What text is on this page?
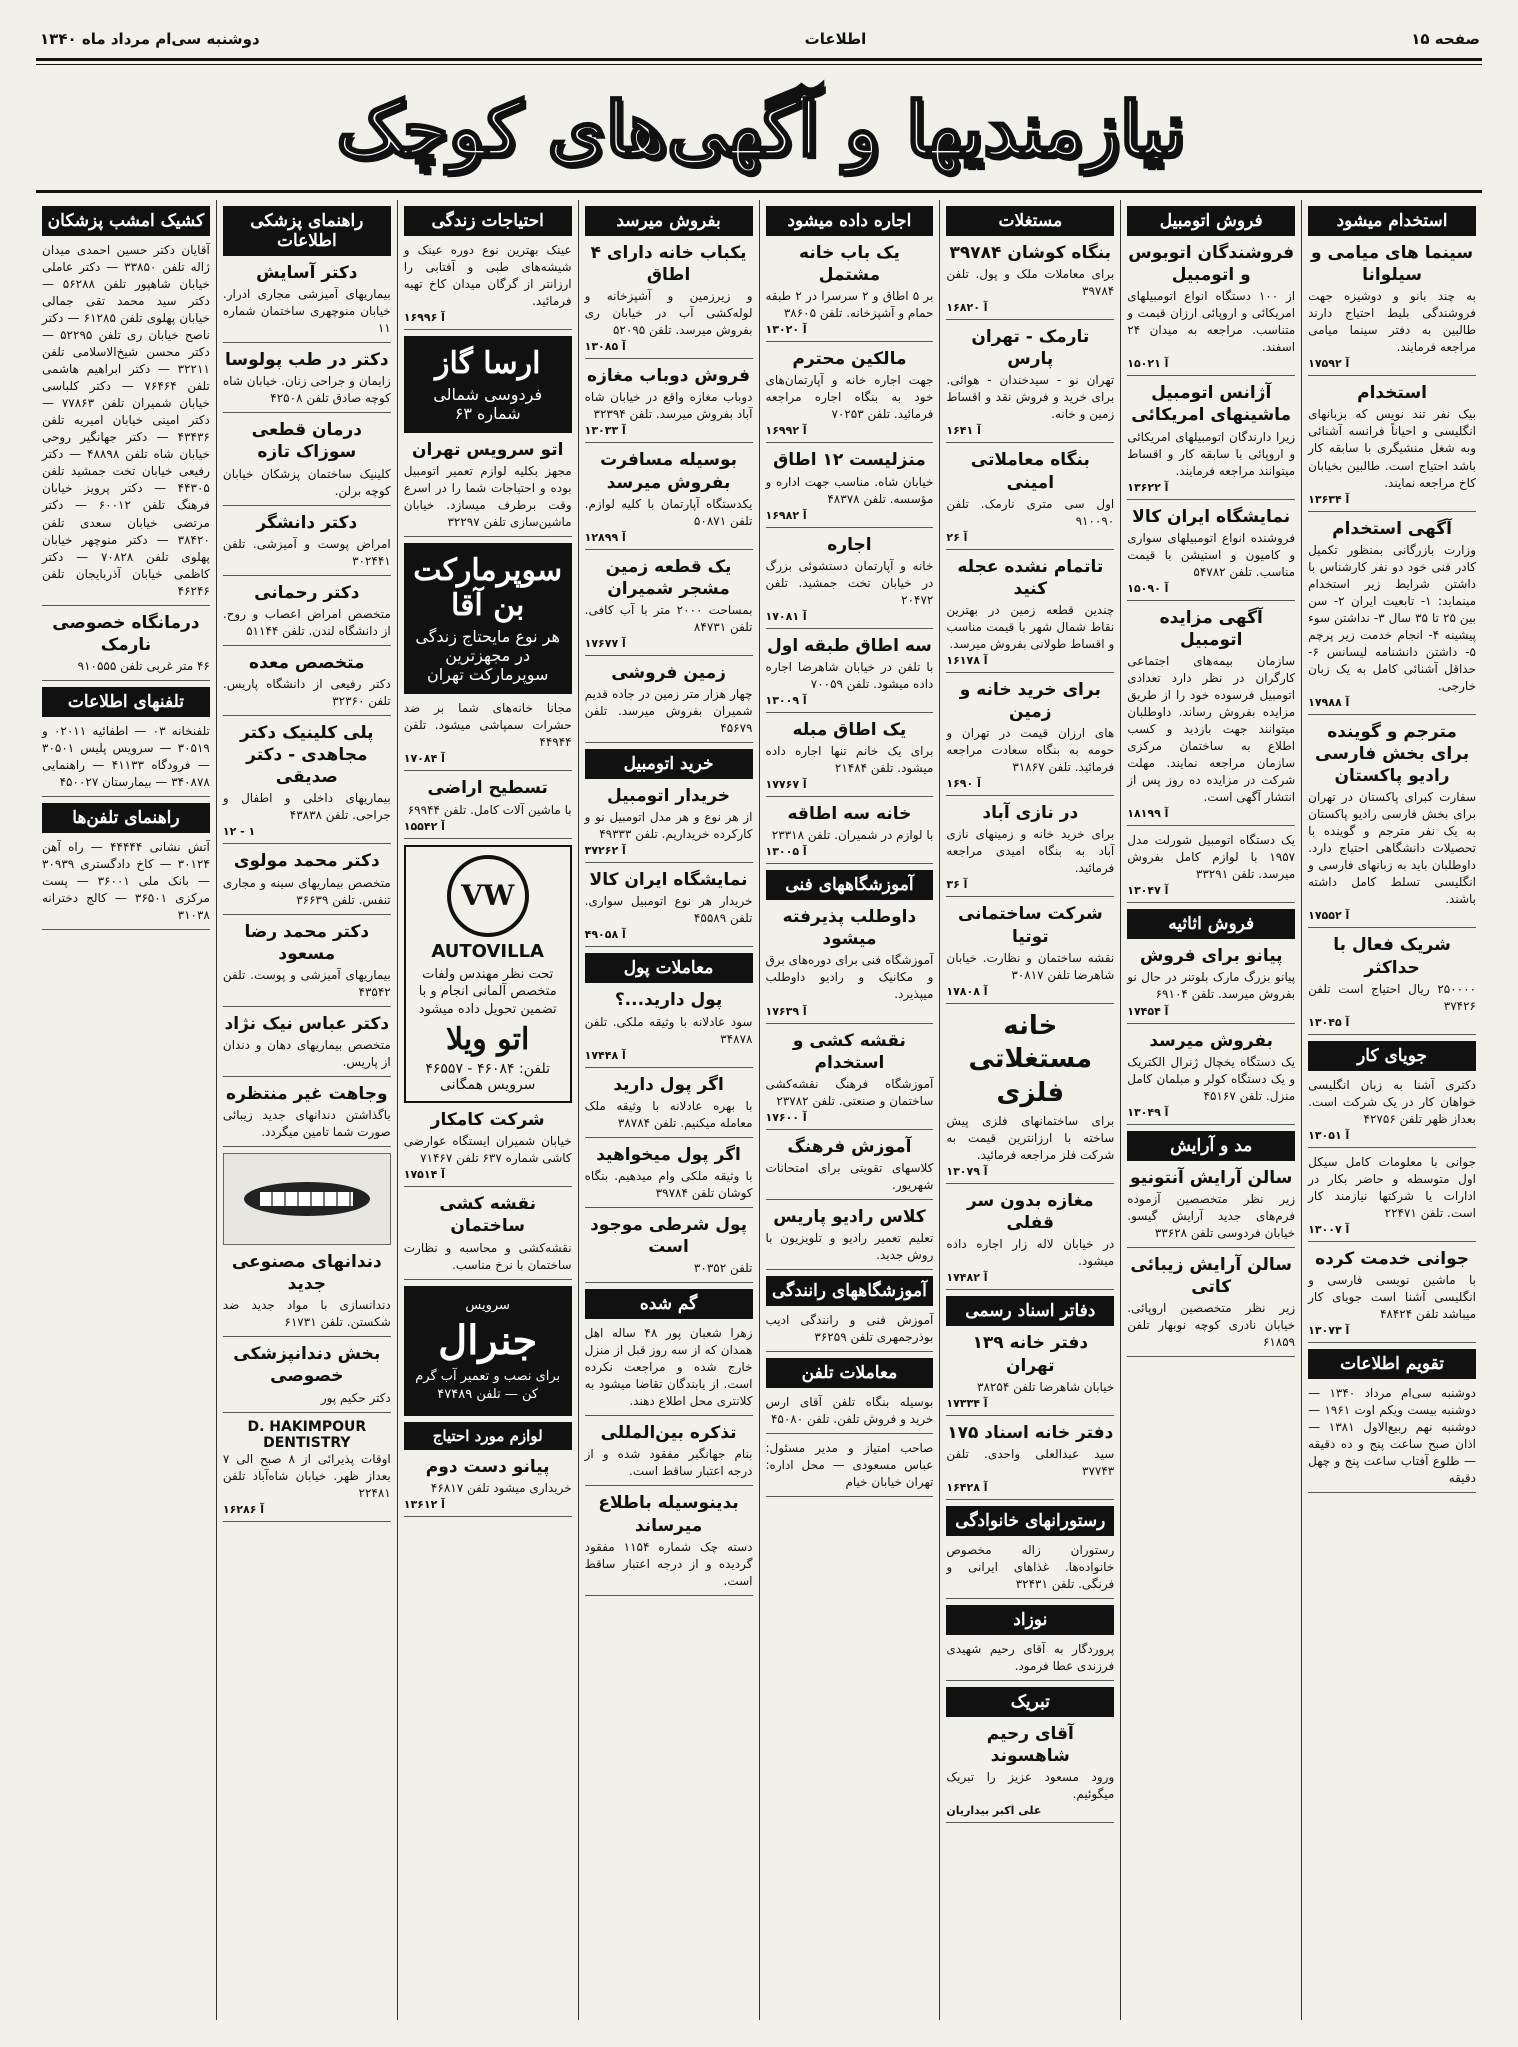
صفحه ۱۵
اطلاعات
دوشنبه سی‌ام مرداد ماه ۱۳۴۰
نیازمندیها و آگهی‌های کوچک
استخدام میشود
سینما های میامی و سیلوانا
به چند بانو و دوشیزه جهت فروشندگی بلیط احتیاج دارند طالبین به دفتر سینما میامی مراجعه فرمایند.
۱۷۵۹۲ آ
استخدام
بیک نفر تند نویس که بزبانهای انگلیسی و احیاناً فرانسه آشنائی وبه شغل منشیگری با سابقه کار باشد احتیاج است. طالبین بخیابان کاخ مراجعه نمایند.
۱۳۶۳۴ آ
آگهی استخدام
وزارت بازرگانی بمنظور تکمیل کادر فنی خود دو نفر کارشناس با داشتن شرایط زیر استخدام مینماید: ۱- تابعیت ایران ۲- سن بین ۲۵ تا ۳۵ سال ۳- نداشتن سوء پیشینه ۴- انجام خدمت زیر پرچم ۵- داشتن دانشنامه لیسانس ۶- حداقل آشنائی کامل به یک زبان خارجی.
۱۷۹۸۸ آ
مترجم و گوینده برای بخش فارسی رادیو پاکستان
سفارت کبرای پاکستان در تهران برای بخش فارسی رادیو پاکستان به یک نفر مترجم و گوینده با تحصیلات دانشگاهی احتیاج دارد. داوطلبان باید به زبانهای فارسی و انگلیسی تسلط کامل داشته باشند.
۱۷۵۵۲ آ
شریک فعال با حداکثر
۲۵۰۰۰۰ ریال احتیاج است تلفن ۳۷۴۲۶
۱۳۰۴۵ آ
جویای کار
دکتری آشنا به زبان انگلیسی خواهان کار در یک شرکت است. بعداز ظهر تلفن ۴۲۷۵۶
۱۳۰۵۱ آ
جوانی با معلومات کامل سیکل اول متوسطه و حاضر بکار در ادارات یا شرکتها نیازمند کار است. تلفن ۲۲۴۷۱
۱۳۰۰۷ آ
جوانی خدمت کرده
با ماشین نویسی فارسی و انگلیسی آشنا است جویای کار میباشد تلفن ۴۸۴۲۴
۱۳۰۷۳ آ
تقویم اطلاعات
دوشنبه سی‌ام مرداد ۱۳۴۰ — دوشنبه بیست ویکم اوت ۱۹۶۱ — دوشنبه نهم ربیع‌الاول ۱۳۸۱ — اذان صبح ساعت پنج و ده دقیقه — طلوع آفتاب ساعت پنج و چهل دقیقه
فروش اتومبیل
فروشندگان اتوبوس و اتومبیل
از ۱۰۰ دستگاه انواع اتومبیلهای امریکائی و اروپائی ارزان قیمت و متناسب. مراجعه به میدان ۲۴ اسفند.
۱۵۰۲۱ آ
آژانس اتومبیل ماشینهای امریکائی
زیرا دارندگان اتومبیلهای امریکائی و اروپائی با سابقه کار و اقساط میتوانند مراجعه فرمایند.
۱۳۶۲۲ آ
نمایشگاه ایران کالا
فروشنده انواع اتومبیلهای سواری و کامیون و استیشن با قیمت مناسب. تلفن ۵۴۷۸۲
۱۵۰۹۰ آ
آگهی مزایده اتومبیل
سازمان بیمه‌های اجتماعی کارگران در نظر دارد تعدادی اتومبیل فرسوده خود را از طریق مزایده بفروش رساند. داوطلبان میتوانند جهت بازدید و کسب اطلاع به ساختمان مرکزی سازمان مراجعه نمایند. مهلت شرکت در مزایده ده روز پس از انتشار آگهی است.
۱۸۱۹۹ آ
یک دستگاه اتومبیل شورلت مدل ۱۹۵۷ با لوازم کامل بفروش میرسد. تلفن ۳۳۲۹۱
۱۳۰۴۷ آ
فروش اثاثیه
پیانو برای فروش
پیانو بزرگ مارک بلوتنر در حال نو بفروش میرسد. تلفن ۶۹۱۰۴
۱۷۴۵۴ آ
بفروش میرسد
یک دستگاه یخچال ژنرال الکتریک و یک دستگاه کولر و مبلمان کامل منزل. تلفن ۴۵۱۶۷
۱۳۰۴۹ آ
مد و آرایش
سالن آرایش آنتونیو
زیر نظر متخصصین آزموده فرم‌های جدید آرایش گیسو. خیابان فردوسی تلفن ۳۳۶۲۸
سالن آرایش زیبائی کاتی
زیر نظر متخصصین اروپائی. خیابان نادری کوچه نوبهار تلفن ۶۱۸۵۹
مستغلات
بنگاه کوشان ۳۹۷۸۴
برای معاملات ملک و پول. تلفن ۳۹۷۸۴
۱۶۸۲۰ آ
تارمک - تهران پارس
تهران نو - سیدخندان - هوائی. برای خرید و فروش نقد و اقساط زمین و خانه.
۱۶۴۱ آ
بنگاه معاملاتی امینی
اول سی متری نارمک. تلفن ۹۱۰۰۹۰
۲۶ آ
تاتمام نشده عجله کنید
چندین قطعه زمین در بهترین نقاط شمال شهر با قیمت مناسب و اقساط طولانی بفروش میرسد.
۱۶۱۷۸ آ
برای خرید خانه و زمین
های ارزان قیمت در تهران و حومه به بنگاه سعادت مراجعه فرمائید. تلفن ۳۱۸۶۷
۱۶۹۰ آ
در نازی آباد
برای خرید خانه و زمینهای نازی آباد به بنگاه امیدی مراجعه فرمائید.
۳۶ آ
شرکت ساختمانی توتیا
نقشه ساختمان و نظارت. خیابان شاهرضا تلفن ۳۰۸۱۷
۱۷۸۰۸ آ
خانه مستغلاتی فلزی
برای ساختمانهای فلزی پیش ساخته با ارزانترین قیمت به شرکت فلز مراجعه فرمائید.
۱۳۰۷۹ آ
مغازه بدون سر قفلی
در خیابان لاله زار اجاره داده میشود.
۱۷۴۸۲ آ
دفاتر اسناد رسمی
دفتر خانه ۱۳۹ تهران
خیابان شاهرضا تلفن ۳۸۲۵۴
۱۷۳۳۴ آ
دفتر خانه اسناد ۱۷۵
سید عبدالعلی واحدی. تلفن ۳۷۷۴۳
۱۶۴۲۸ آ
رستورانهای خانوادگی
رستوران زاله مخصوص خانواده‌ها. غذاهای ایرانی و فرنگی. تلفن ۳۲۴۳۱
نوزاد
پروردگار به آقای رحیم شهیدی فرزندی عطا فرمود.
تبریک
آقای رحیم شاهسوند
ورود مسعود عزیز را تبریک میگوئیم.
علی اکبر بیداریان
اجاره داده میشود
یک باب خانه مشتمل
بر ۵ اطاق و ۲ سرسرا در ۲ طبقه حمام و آشپزخانه. تلفن ۳۸۶۰۵
۱۳۰۲۰ آ
مالکین محترم
جهت اجاره خانه و آپارتمان‌های خود به بنگاه اجاره مراجعه فرمائید. تلفن ۷۰۲۵۳
۱۶۹۹۲ آ
منزلیست ۱۲ اطاق
خیابان شاه. مناسب جهت اداره و مؤسسه. تلفن ۴۸۳۷۸
۱۶۹۸۲ آ
اجاره
خانه و آپارتمان دستشوئی بزرگ در خیابان تخت جمشید. تلفن ۲۰۴۷۲
۱۷۰۸۱ آ
سه اطاق طبقه اول
با تلفن در خیابان شاهرضا اجاره داده میشود. تلفن ۷۰۰۵۹
۱۳۰۰۹ آ
یک اطاق مبله
برای یک خانم تنها اجاره داده میشود. تلفن ۲۱۴۸۴
۱۷۷۶۷ آ
خانه سه اطاقه
با لوازم در شمیران. تلفن ۲۳۳۱۸
۱۳۰۰۵ آ
آموزشگاههای فنی
داوطلب پذیرفته میشود
آموزشگاه فنی برای دوره‌های برق و مکانیک و رادیو داوطلب میپذیرد.
۱۷۶۳۹ آ
نقشه کشی و استخدام
آموزشگاه فرهنگ نقشه‌کشی ساختمان و صنعتی. تلفن ۲۳۷۸۲
۱۷۶۰۰ آ
آموزش فرهنگ
کلاسهای تقویتی برای امتحانات شهریور.
کلاس رادیو پاریس
تعلیم تعمیر رادیو و تلویزیون با روش جدید.
آموزشگاههای رانندگی
آموزش فنی و رانندگی ادیب بوذرجمهری تلفن ۳۶۲۵۹
معاملات تلفن
بوسیله بنگاه تلفن آقای ارس خرید و فروش تلفن. تلفن ۴۵۰۸۰
صاحب امتیاز و مدیر مسئول: عباس مسعودی — محل اداره: تهران خیابان خیام
بفروش میرسد
یکباب خانه دارای ۴ اطاق
و زیرزمین و آشپزخانه و لوله‌کشی آب در خیابان ری بفروش میرسد. تلفن ۵۲۰۹۵
۱۳۰۸۵ آ
فروش دوباب مغازه
دوباب مغازه واقع در خیابان شاه آباد بفروش میرسد. تلفن ۳۲۳۹۴
۱۳۰۳۳ آ
بوسیله مسافرت بفروش میرسد
یکدستگاه آپارتمان با کلیه لوازم. تلفن ۵۰۸۷۱
۱۲۸۹۹ آ
یک قطعه زمین مشجر شمیران
بمساحت ۲۰۰۰ متر با آب کافی. تلفن ۸۴۷۳۱
۱۷۶۷۷ آ
زمین فروشی
چهار هزار متر زمین در جاده قدیم شمیران بفروش میرسد. تلفن ۴۵۶۷۹
خرید اتومبیل
خریدار اتومبیل
از هر نوع و هر مدل اتومبیل نو و کارکرده خریداریم. تلفن ۴۹۳۳۳
۳۷۲۶۲ آ
نمایشگاه ایران کالا
خریدار هر نوع اتومبیل سواری. تلفن ۴۵۵۸۹
۴۹۰۵۸ آ
معاملات پول
پول دارید...؟
سود عادلانه با وثیقه ملکی. تلفن ۳۴۸۷۸
۱۷۴۴۸ آ
اگر پول دارید
با بهره عادلانه با وثیقه ملک معامله میکنیم. تلفن ۳۸۷۸۴
اگر پول میخواهید
با وثیقه ملکی وام میدهیم. بنگاه کوشان تلفن ۳۹۷۸۴
پول شرطی موجود است
تلفن ۳۰۳۵۲
گم شده
زهرا شعبان پور ۴۸ ساله اهل همدان که از سه روز قبل از منزل خارج شده و مراجعت نکرده است. از یابندگان تقاضا میشود به کلانتری محل اطلاع دهند.
تذکره بین‌المللی
بنام جهانگیر مفقود شده و از درجه اعتبار ساقط است.
بدینوسیله باطلاع میرساند
دسته چک شماره ۱۱۵۴ مفقود گردیده و از درجه اعتبار ساقط است.
احتیاجات زندگی
عینک بهترین نوع دوره عینک و شیشه‌های طبی و آفتابی را ارزانتر از گرگان میدان کاخ تهیه فرمائید.
۱۶۹۹۶ آ
ارسا گاز
فردوسی شمالی شماره ۶۳
اتو سرویس تهران
مجهز بکلیه لوازم تعمیر اتومبیل بوده و احتیاجات شما را در اسرع وقت برطرف میسازد. خیابان ماشین‌سازی تلفن ۳۲۲۹۷
سوپرمارکت بن آقا
هر نوع مایحتاج زندگی در مجهزترین سوپرمارکت تهران
مجانا خانه‌های شما بر ضد حشرات سمپاشی میشود. تلفن ۴۴۹۴۴
۱۷۰۸۴ آ
تسطیح اراضی
با ماشین آلات کامل. تلفن ۶۹۹۴۴
۱۵۵۴۲ آ
VW
AUTOVILLA
تحت نظر مهندس ولفات متخصص آلمانی انجام و با تضمین تحویل داده میشود
اتو ویلا
تلفن: ۴۶۰۸۴ - ۴۶۵۵۷ سرویس همگانی
شرکت کامکار
خیابان شمیران ایستگاه عوارضی کاشی شماره ۶۳۷ تلفن ۷۱۴۶۷
۱۷۵۱۴ آ
نقشه کشی ساختمان
نقشه‌کشی و محاسبه و نظارت ساختمان با نرخ مناسب.
سرویس
جنرال
برای نصب و تعمیر آب گرم کن — تلفن ۴۷۴۸۹
لوازم مورد احتیاج
پیانو دست دوم
خریداری میشود تلفن ۴۶۸۱۷
۱۳۶۱۲ آ
راهنمای پزشکی اطلاعات
دکتر آسایش
بیماریهای آمیزشی مجاری ادرار. خیابان منوچهری ساختمان شماره ۱۱
دکتر در طب پولوسا
زایمان و جراحی زنان. خیابان شاه کوچه صادق تلفن ۴۲۵۰۸
درمان قطعی سوزاک تازه
کلینیک ساختمان پزشکان خیابان کوچه برلن.
دکتر دانشگر
امراض پوست و آمیزشی. تلفن ۳۰۲۴۴۱
دکتر رحمانی
متخصص امراض اعصاب و روح. از دانشگاه لندن. تلفن ۵۱۱۴۴
متخصص معده
دکتر رفیعی از دانشگاه پاریس. تلفن ۳۲۳۶۰
پلی کلینیک دکتر مجاهدی - دکتر صدیقی
بیماریهای داخلی و اطفال و جراحی. تلفن ۴۳۸۳۸
۱۲ - ۱
دکتر محمد مولوی
متخصص بیماریهای سینه و مجاری تنفس. تلفن ۳۶۶۳۹
دکتر محمد رضا مسعود
بیماریهای آمیزشی و پوست. تلفن ۴۳۵۴۲
دکتر عباس نیک نژاد
متخصص بیماریهای دهان و دندان از پاریس.
وجاهت غیر منتظره
باگذاشتن دندانهای جدید زیبائی صورت شما تامین میگردد.
دندانهای مصنوعی جدید
دندانسازی با مواد جدید ضد شکستن. تلفن ۶۱۷۳۱
بخش دندانپزشکی خصوصی
دکتر حکیم پور
D. HAKIMPOUR DENTISTRY
اوقات پذیرائی از ۸ صبح الی ۷ بعداز ظهر. خیابان شاه‌آباد تلفن ۲۲۴۸۱
۱۶۲۸۶ آ
کشیک امشب پزشکان
آقایان دکتر حسین احمدی میدان ژاله تلفن ۳۳۸۵۰ — دکتر عاملی خیابان شاهپور تلفن ۵۶۲۸۸ — دکتر سید محمد تقی جمالی خیابان پهلوی تلفن ۶۱۲۸۵ — دکتر ناصح خیابان ری تلفن ۵۲۲۹۵ — دکتر محسن شیخ‌الاسلامی تلفن ۳۲۲۱۱ — دکتر ابراهیم هاشمی تلفن ۷۶۴۶۴ — دکتر کلباسی خیابان شمیران تلفن ۷۷۸۶۳ — دکتر امینی خیابان امیریه تلفن ۴۳۴۳۶ — دکتر جهانگیر روحی خیابان شاه تلفن ۴۸۸۹۸ — دکتر رفیعی خیابان تخت جمشید تلفن ۴۴۳۰۵ — دکتر پرویز خیابان فرهنگ تلفن ۶۰۰۱۲ — دکتر مرتضی خیابان سعدی تلفن ۳۸۴۲۰ — دکتر منوچهر خیابان پهلوی تلفن ۷۰۸۲۸ — دکتر کاظمی خیابان آذربایجان تلفن ۴۶۲۴۶
درمانگاه خصوصی نارمک
۴۶ متر غربی تلفن ۹۱۰۵۵۵
تلفنهای اطلاعات
تلفنخانه ۰۳ — اطفائیه ۰۲۰۱۱ و ۳۰۵۱۹ — سرویس پلیس ۳۰۵۰۱ — فرودگاه ۴۱۱۳۳ — راهنمایی ۳۴۰۸۷۸ — بیمارستان ۴۵۰۰۲۷
راهنمای تلفن‌ها
آتش نشانی ۴۴۴۴۴ — راه آهن ۳۰۱۲۴ — کاخ دادگستری ۳۰۹۳۹ — بانک ملی ۳۶۰۰۱ — پست مرکزی ۳۶۵۰۱ — کالج دخترانه ۳۱۰۳۸
